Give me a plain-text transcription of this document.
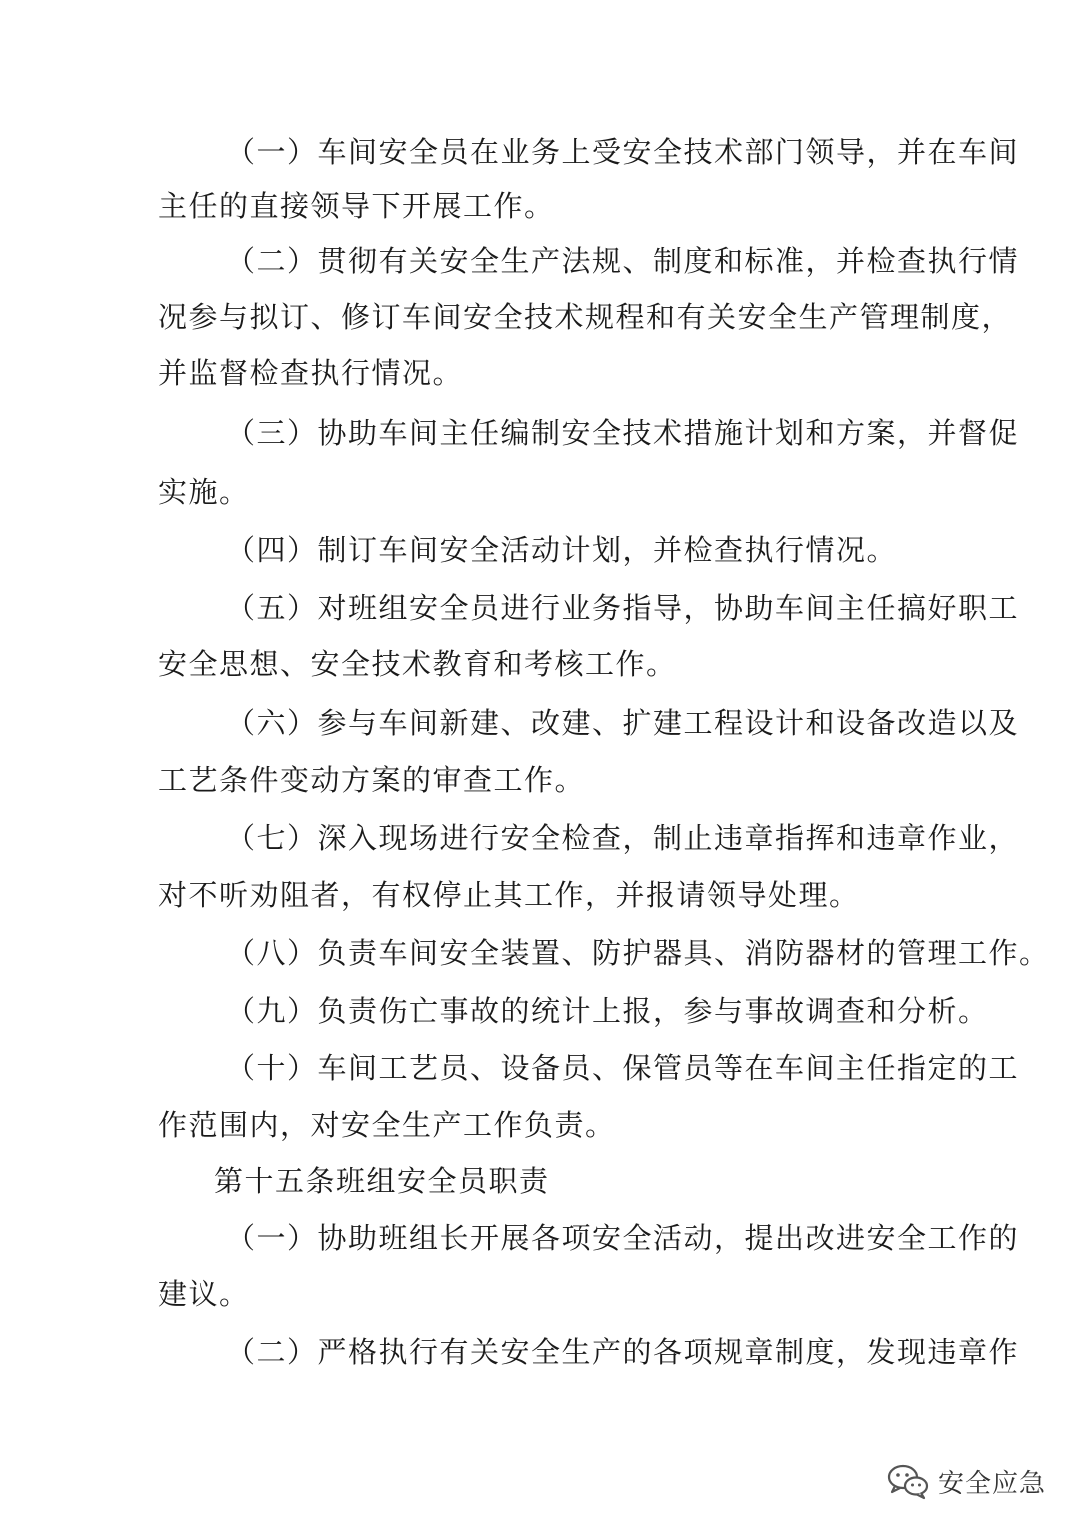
（一）车间安全员在业务上受安全技术部门领导，并在车间
主任的直接领导下开展工作。
（二）贯彻有关安全生产法规、制度和标准，并检查执行情
况参与拟订、修订车间安全技术规程和有关安全生产管理制度，
并监督检查执行情况。
（三）协助车间主任编制安全技术措施计划和方案，并督促
实施。
（四）制订车间安全活动计划，并检查执行情况。
（五）对班组安全员进行业务指导，协助车间主任搞好职工
安全思想、安全技术教育和考核工作。
（六）参与车间新建、改建、扩建工程设计和设备改造以及
工艺条件变动方案的审查工作。
（七）深入现场进行安全检查，制止违章指挥和违章作业，
对不听劝阻者，有权停止其工作，并报请领导处理。
（八）负责车间安全装置、防护器具、消防器材的管理工作。
（九）负责伤亡事故的统计上报，参与事故调查和分析。
（十）车间工艺员、设备员、保管员等在车间主任指定的工
作范围内，对安全生产工作负责。
第十五条班组安全员职责
（一）协助班组长开展各项安全活动，提出改进安全工作的
建议。
（二）严格执行有关安全生产的各项规章制度，发现违章作
安全应急
